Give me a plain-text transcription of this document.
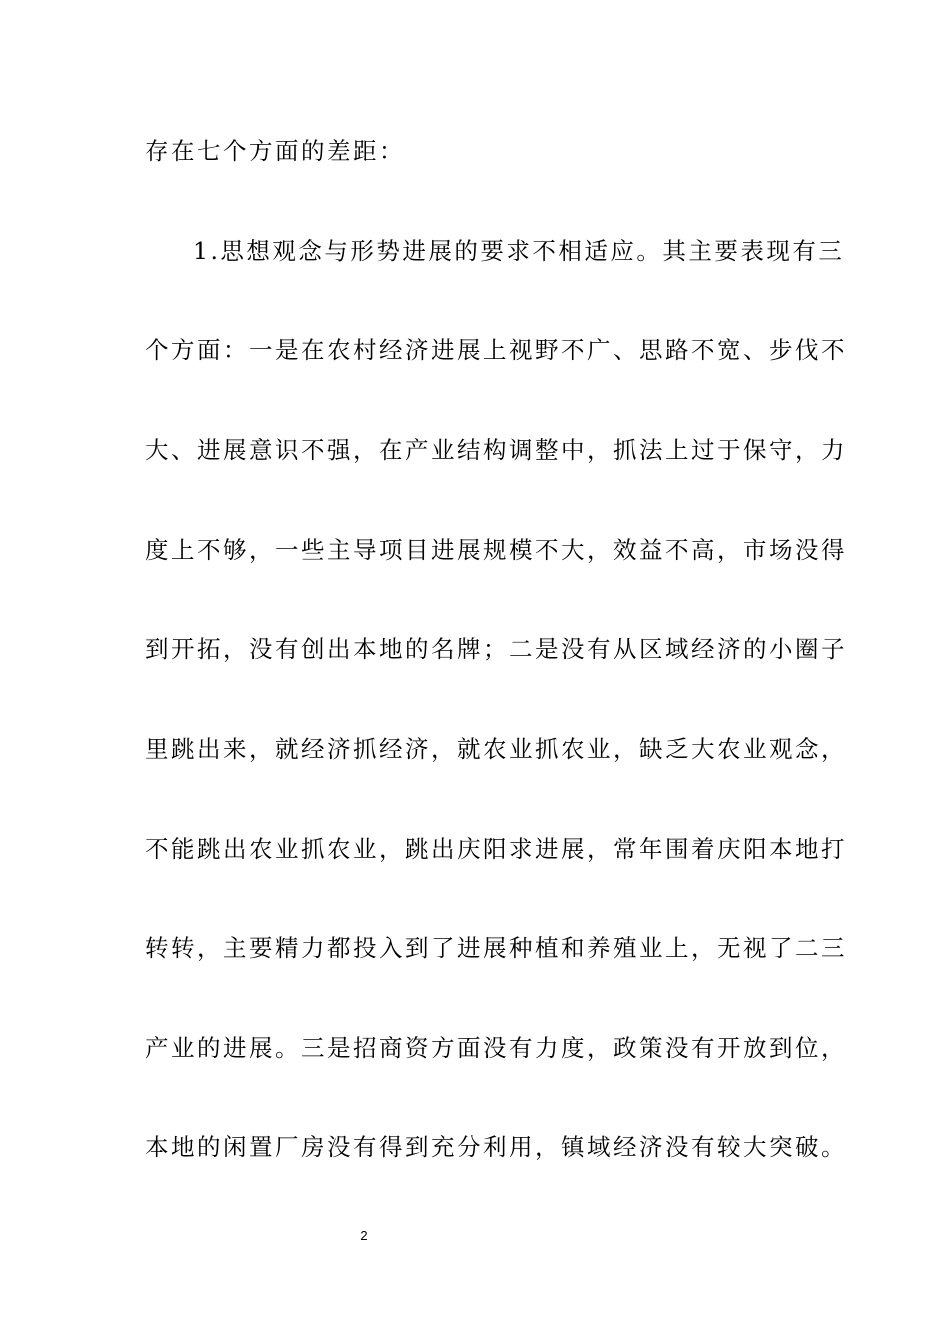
存在七个方面的差距：
1.思想观念与形势进展的要求不相适应。其主要表现有三
个方面：一是在农村经济进展上视野不广、思路不宽、步伐不
大、进展意识不强，在产业结构调整中，抓法上过于保守，力
度上不够，一些主导项目进展规模不大，效益不高，市场没得
到开拓，没有创出本地的名牌；二是没有从区域经济的小圈子
里跳出来，就经济抓经济，就农业抓农业，缺乏大农业观念，
不能跳出农业抓农业，跳出庆阳求进展，常年围着庆阳本地打
转转，主要精力都投入到了进展种植和养殖业上，无视了二三
产业的进展。三是招商资方面没有力度，政策没有开放到位，
本地的闲置厂房没有得到充分利用，镇域经济没有较大突破。
2
